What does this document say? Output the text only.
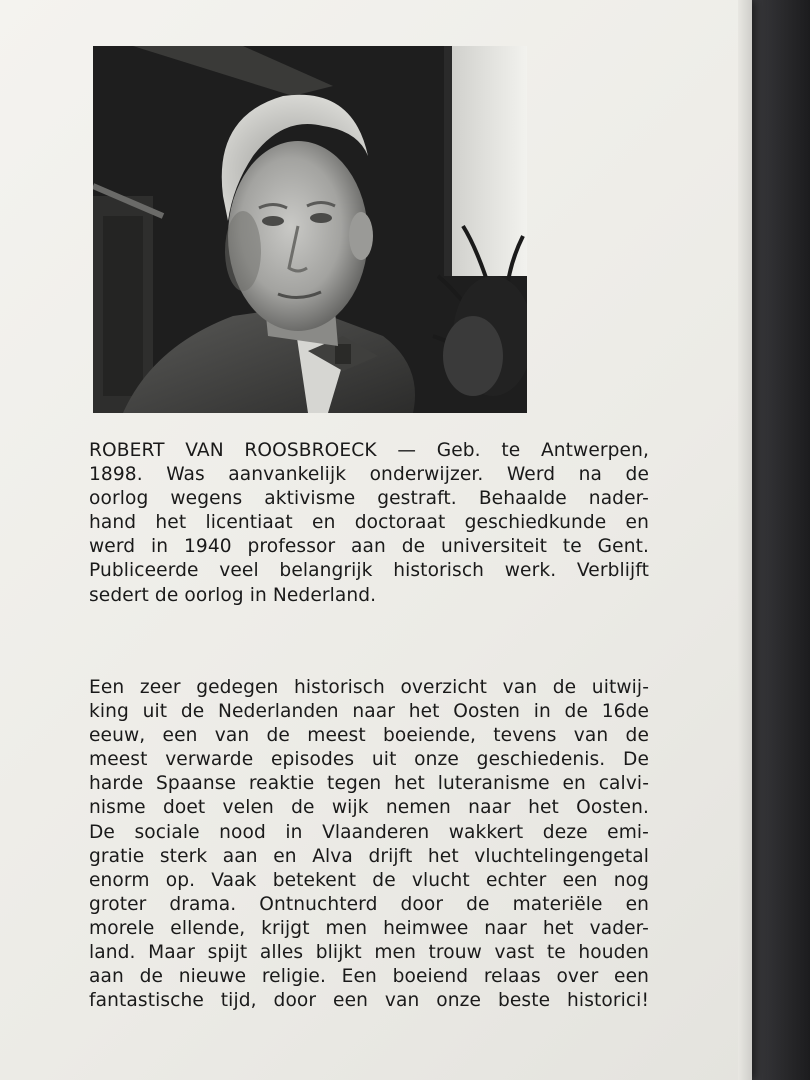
ROBERT VAN ROOSBROECK — Geb. te Antwerpen,
1898. Was aanvankelijk onderwijzer. Werd na de
oorlog wegens aktivisme gestraft. Behaalde nader-
hand het licentiaat en doctoraat geschiedkunde en
werd in 1940 professor aan de universiteit te Gent.
Publiceerde veel belangrijk historisch werk. Verblijft
sedert de oorlog in Nederland.
Een zeer gedegen historisch overzicht van de uitwij-
king uit de Nederlanden naar het Oosten in de 16de
eeuw, een van de meest boeiende, tevens van de
meest verwarde episodes uit onze geschiedenis. De
harde Spaanse reaktie tegen het luteranisme en calvi-
nisme doet velen de wijk nemen naar het Oosten.
De sociale nood in Vlaanderen wakkert deze emi-
gratie sterk aan en Alva drijft het vluchtelingengetal
enorm op. Vaak betekent de vlucht echter een nog
groter drama. Ontnuchterd door de materiële en
morele ellende, krijgt men heimwee naar het vader-
land. Maar spijt alles blijkt men trouw vast te houden
aan de nieuwe religie. Een boeiend relaas over een
fantastische tijd, door een van onze beste historici!
